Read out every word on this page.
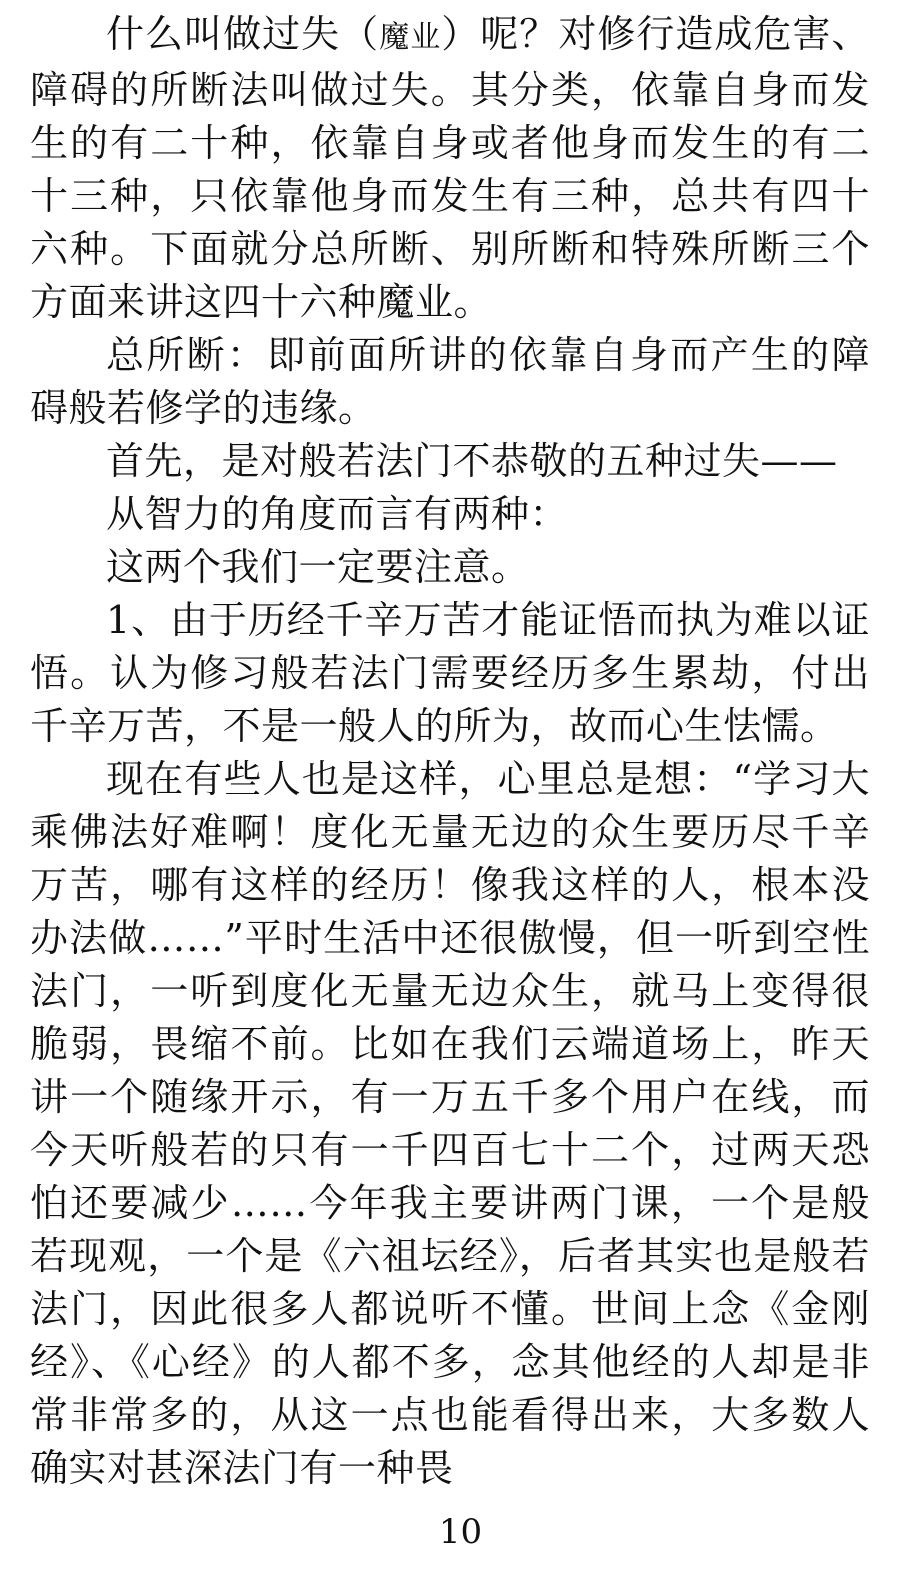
什么叫做过失（魔业）呢？对修行造成危害、障碍的所断法叫做过失。其分类，依靠自身而发生的有二十种，依靠自身或者他身而发生的有二十三种，只依靠他身而发生有三种，总共有四十六种。下面就分总所断、别所断和特殊所断三个方面来讲这四十六种魔业。

总所断：即前面所讲的依靠自身而产生的障碍般若修学的违缘。

首先，是对般若法门不恭敬的五种过失——

从智力的角度而言有两种：

这两个我们一定要注意。

1、由于历经千辛万苦才能证悟而执为难以证悟。认为修习般若法门需要经历多生累劫，付出千辛万苦，不是一般人的所为，故而心生怯懦。

现在有些人也是这样，心里总是想：“学习大乘佛法好难啊！度化无量无边的众生要历尽千辛万苦，哪有这样的经历！像我这样的人，根本没办法做……”平时生活中还很傲慢，但一听到空性法门，一听到度化无量无边众生，就马上变得很脆弱，畏缩不前。比如在我们云端道场上，昨天讲一个随缘开示，有一万五千多个用户在线，而今天听般若的只有一千四百七十二个，过两天恐怕还要减少……今年我主要讲两门课，一个是般若现观，一个是《六祖坛经》，后者其实也是般若法门，因此很多人都说听不懂。世间上念《金刚经》、《心经》的人都不多，念其他经的人却是非常非常多的，从这一点也能看得出来，大多数人确实对甚深法门有一种畏

10
